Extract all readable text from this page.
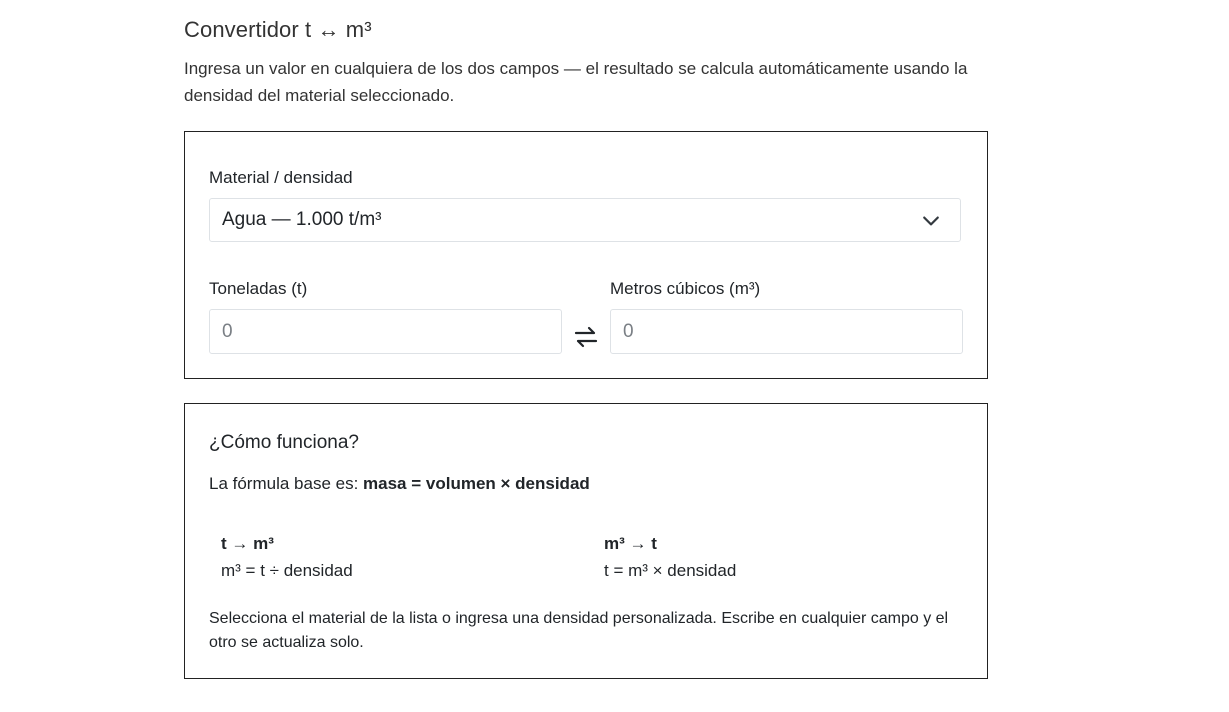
Convertidor t ↔ m³

Ingresa un valor en cualquiera de los dos campos — el resultado se calcula automáticamente usando la densidad del material seleccionado.

Material / densidad
Agua — 1.000 t/m³
Toneladas (t)	Metros cúbicos (m³)
0
0
¿Cómo funciona?
La fórmula base es: masa = volumen × densidad
t → m³
m³ = t ÷ densidad
m³ → t
t = m³ × densidad
Selecciona el material de la lista o ingresa una densidad personalizada. Escribe en cualquier campo y el otro se actualiza solo.
